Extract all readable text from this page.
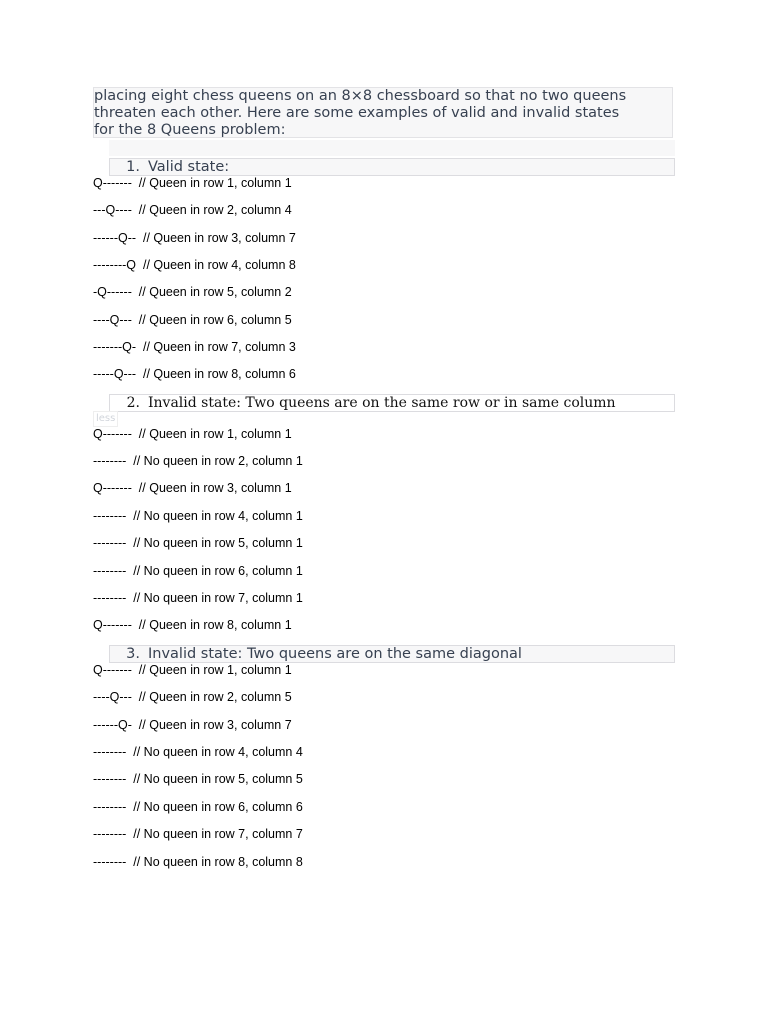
placing eight chess queens on an 8×8 chessboard so that no two queens
threaten each other. Here are some examples of valid and invalid states
for the 8 Queens problem:
1. Valid state:
Q-------  // Queen in row 1, column 1
---Q----  // Queen in row 2, column 4
------Q--  // Queen in row 3, column 7
--------Q  // Queen in row 4, column 8
-Q------  // Queen in row 5, column 2
----Q---  // Queen in row 6, column 5
-------Q-  // Queen in row 7, column 3
-----Q---  // Queen in row 8, column 6
2. Invalid state: Two queens are on the same row or in same column
less
Q-------  // Queen in row 1, column 1
--------  // No queen in row 2, column 1
Q-------  // Queen in row 3, column 1
--------  // No queen in row 4, column 1
--------  // No queen in row 5, column 1
--------  // No queen in row 6, column 1
--------  // No queen in row 7, column 1
Q-------  // Queen in row 8, column 1
3. Invalid state: Two queens are on the same diagonal
Q-------  // Queen in row 1, column 1
----Q---  // Queen in row 2, column 5
------Q-  // Queen in row 3, column 7
--------  // No queen in row 4, column 4
--------  // No queen in row 5, column 5
--------  // No queen in row 6, column 6
--------  // No queen in row 7, column 7
--------  // No queen in row 8, column 8
